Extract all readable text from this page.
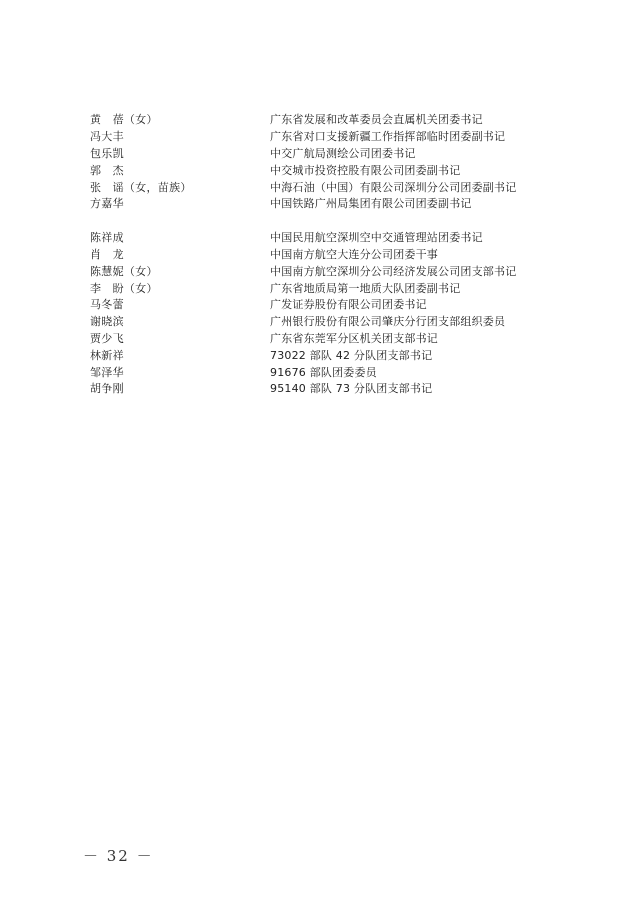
黄　蓓（女）	广东省发展和改革委员会直属机关团委书记
冯大丰	广东省对口支援新疆工作指挥部临时团委副书记
包乐凯	中交广航局测绘公司团委书记
郭　杰	中交城市投资控股有限公司团委副书记
张　谣（女，苗族）	中海石油（中国）有限公司深圳分公司团委副书记
方嘉华	中国铁路广州局集团有限公司团委副书记
陈祥成	中国民用航空深圳空中交通管理站团委书记
肖　龙	中国南方航空大连分公司团委干事
陈慧妮（女）	中国南方航空深圳分公司经济发展公司团支部书记
李　盼（女）	广东省地质局第一地质大队团委副书记
马冬蕾	广发证券股份有限公司团委书记
谢晓滨	广州银行股份有限公司肇庆分行团支部组织委员
贾少飞	广东省东莞军分区机关团支部书记
林新祥	73022 部队 42 分队团支部书记
邹泽华	91676 部队团委委员
胡争刚	95140 部队 73 分队团支部书记
－ 32 －
